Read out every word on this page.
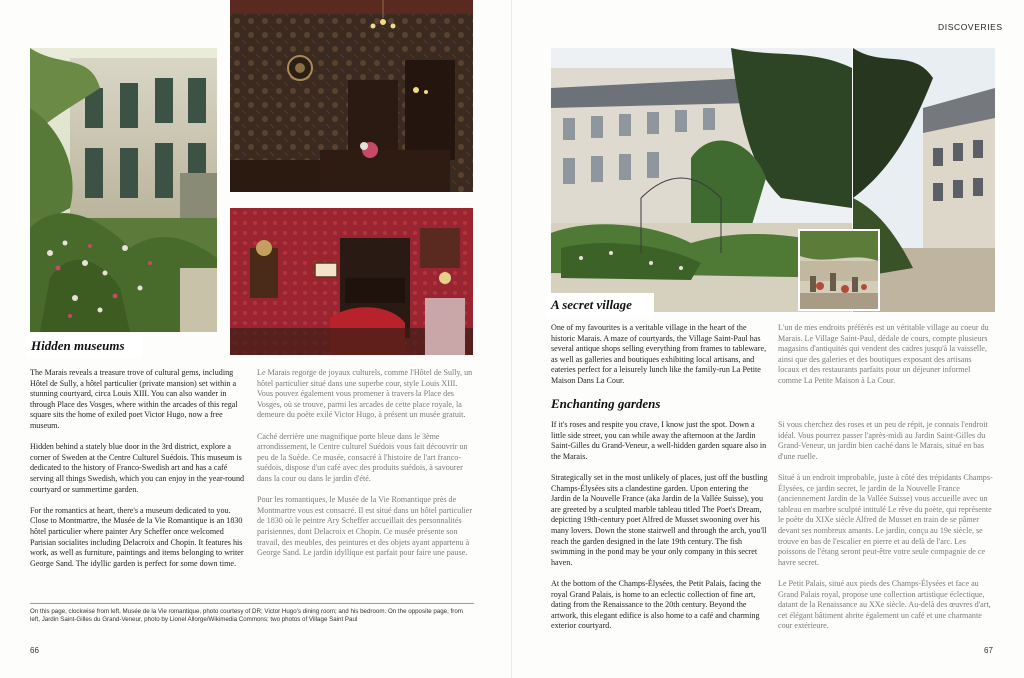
Hidden museums

The Marais reveals a treasure trove of cultural gems, including Hôtel de Sully, a hôtel particulier (private mansion) set within a stunning courtyard, circa Louis XIII. You can also wander in through Place des Vosges, where within the arcades of this regal square sits the home of exiled poet Victor Hugo, now a free museum.

Hidden behind a stately blue door in the 3rd district, explore a corner of Sweden at the Centre Culturel Suédois. This museum is dedicated to the history of Franco-Swedish art and has a café serving all things Swedish, which you can enjoy in the year-round courtyard or summertime garden.

For the romantics at heart, there's a museum dedicated to you. Close to Montmartre, the Musée de la Vie Romantique is an 1830 hôtel particulier where painter Ary Scheffer once welcomed Parisian socialites including Delacroix and Chopin. It features his work, as well as furniture, paintings and items belonging to writer George Sand. The idyllic garden is perfect for some down time.

Le Marais regorge de joyaux culturels, comme l'Hôtel de Sully, un hôtel particulier situé dans une superbe cour, style Louis XIII. Vous pouvez également vous promener à travers la Place des Vosges, où se trouve, parmi les arcades de cette place royale, la demeure du poète exilé Victor Hugo, à présent un musée gratuit.

Caché derrière une magnifique porte bleue dans le 3ème arrondissement, le Centre culturel Suédois vous fait découvrir un peu de la Suède. Ce musée, consacré à l'histoire de l'art franco-suédois, dispose d'un café avec des produits suédois, à savourer dans la cour ou dans le jardin d'été.

Pour les romantiques, le Musée de la Vie Romantique près de Montmartre vous est consacré. Il est situé dans un hôtel particulier de 1830 où le peintre Ary Scheffer accueillait des personnalités parisiennes, dont Delacroix et Chopin. Ce musée présente son travail, des meubles, des peintures et des objets ayant appartenu à George Sand. Le jardin idyllique est parfait pour faire une pause.

On this page, clockwise from left, Musée de la Vie romantique, photo courtesy of DR; Victor Hugo's dining room; and his bedroom. On the opposite page, from left, Jardin Saint-Gilles du Grand-Veneur, photo by Lionel Allorge/Wikimedia Commons; two photos of Village Saint Paul
66
DISCOVERIES
A secret village

One of my favourites is a veritable village in the heart of the historic Marais. A maze of courtyards, the Village Saint-Paul has several antique shops selling everything from frames to tableware, as well as galleries and boutiques exhibiting local artisans, and eateries perfect for a leisurely lunch like the family-run La Petite Maison Dans La Cour.

L'un de mes endroits préférés est un véritable village au coeur du Marais. Le Village Saint-Paul, dédale de cours, compte plusieurs magasins d'antiquités qui vendent des cadres jusqu'à la vaisselle, ainsi que des galeries et des boutiques exposant des artisans locaux et des restaurants parfaits pour un déjeuner informel comme La Petite Maison à La Cour.

Enchanting gardens

If it's roses and respite you crave, I know just the spot. Down a little side street, you can while away the afternoon at the Jardin Saint-Gilles du Grand-Veneur, a well-hidden garden square also in the Marais.

Strategically set in the most unlikely of places, just off the bustling Champs-Élysées sits a clandestine garden. Upon entering the Jardin de la Nouvelle France (aka Jardin de la Vallée Suisse), you are greeted by a sculpted marble tableau titled The Poet's Dream, depicting 19th-century poet Alfred de Musset swooning over his many lovers. Down the stone stairwell and through the arch, you'll reach the garden designed in the late 19th century. The fish swimming in the pond may be your only company in this secret haven.

At the bottom of the Champs-Élysées, the Petit Palais, facing the royal Grand Palais, is home to an eclectic collection of fine art, dating from the Renaissance to the 20th century. Beyond the artwork, this elegant edifice is also home to a café and charming exterior courtyard.

Si vous cherchez des roses et un peu de répit, je connais l'endroit idéal. Vous pourrez passer l'après-midi au Jardin Saint-Gilles du Grand-Veneur, un jardin bien caché dans le Marais, situé en bas d'une ruelle.

Situé à un endroit improbable, juste à côté des trépidants Champs-Élysées, ce jardin secret, le jardin de la Nouvelle France (anciennement Jardin de la Vallée Suisse) vous accueille avec un tableau en marbre sculpté intitulé Le rêve du poète, qui représente le poète du XIXe siècle Alfred de Musset en train de se pâmer devant ses nombreux amants. Le jardin, conçu au 19e siècle, se trouve en bas de l'escalier en pierre et au delà de l'arc. Les poissons de l'étang seront peut-être votre seule compagnie de ce havre secret.

Le Petit Palais, situé aux pieds des Champs-Élysées et face au Grand Palais royal, propose une collection artistique éclectique, datant de la Renaissance au XXe siècle. Au-delà des œuvres d'art, cet élégant bâtiment abrite également un café et une charmante cour extérieure.

67
